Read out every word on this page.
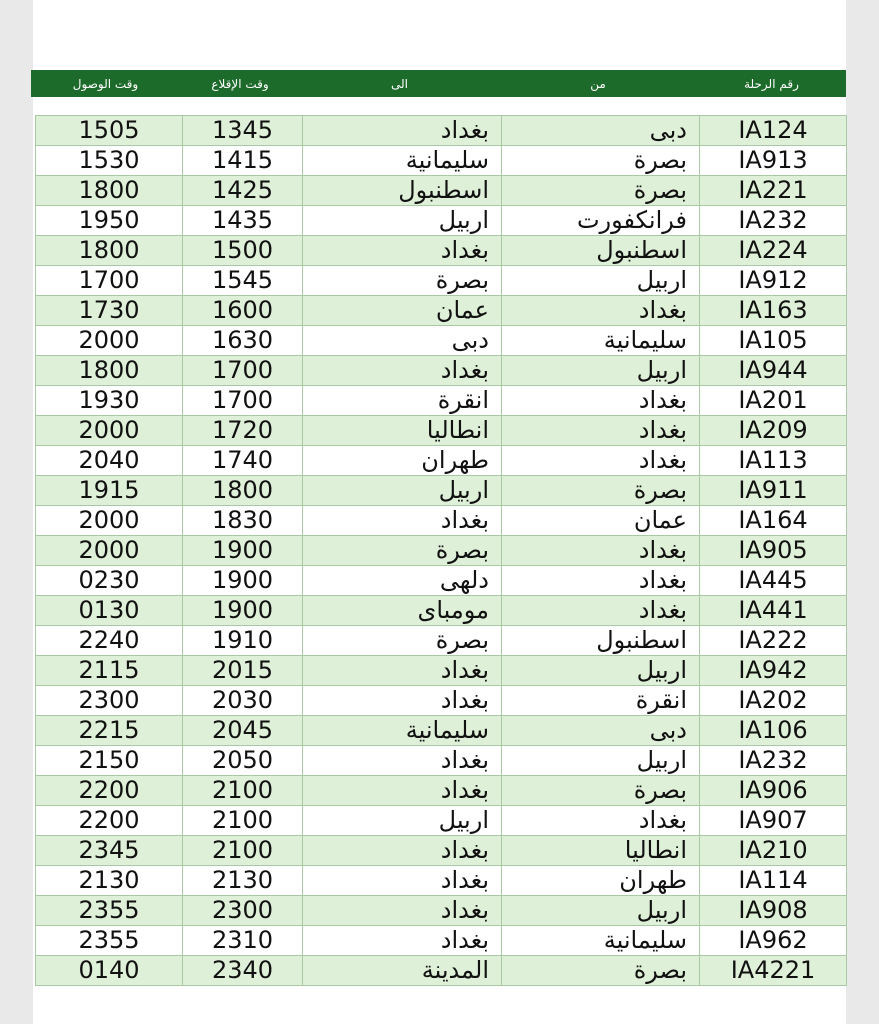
وقت الوصول	وقت الإقلاع	الى	من	رقم الرحلة
1505	1345	بغداد	دبى	IA124
1530	1415	سليمانية	بصرة	IA913
1800	1425	اسطنبول	بصرة	IA221
1950	1435	اربيل	فرانكفورت	IA232
1800	1500	بغداد	اسطنبول	IA224
1700	1545	بصرة	اربيل	IA912
1730	1600	عمان	بغداد	IA163
2000	1630	دبى	سليمانية	IA105
1800	1700	بغداد	اربيل	IA944
1930	1700	انقرة	بغداد	IA201
2000	1720	انطاليا	بغداد	IA209
2040	1740	طهران	بغداد	IA113
1915	1800	اربيل	بصرة	IA911
2000	1830	بغداد	عمان	IA164
2000	1900	بصرة	بغداد	IA905
0230	1900	دلهى	بغداد	IA445
0130	1900	مومباى	بغداد	IA441
2240	1910	بصرة	اسطنبول	IA222
2115	2015	بغداد	اربيل	IA942
2300	2030	بغداد	انقرة	IA202
2215	2045	سليمانية	دبى	IA106
2150	2050	بغداد	اربيل	IA232
2200	2100	بغداد	بصرة	IA906
2200	2100	اربيل	بغداد	IA907
2345	2100	بغداد	انطاليا	IA210
2130	2130	بغداد	طهران	IA114
2355	2300	بغداد	اربيل	IA908
2355	2310	بغداد	سليمانية	IA962
0140	2340	المدينة	بصرة	IA4221
